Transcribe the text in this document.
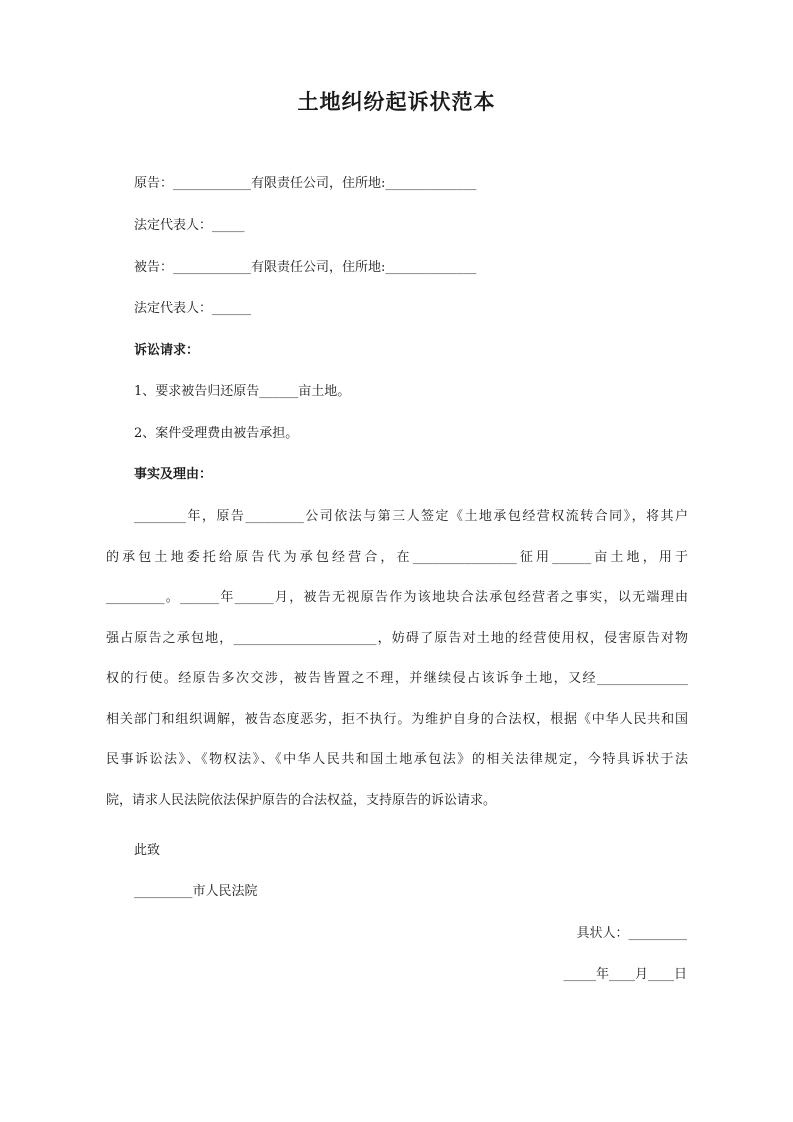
土地纠纷起诉状范本

原告：____________有限责任公司，住所地:______________

法定代表人：_____

被告：____________有限责任公司，住所地:______________

法定代表人：______

诉讼请求：

1、要求被告归还原告______亩土地。

2、案件受理费由被告承担。

事实及理由：

________年，原告_________公司依法与第三人签定《土地承包经营权流转合同》，将其户
的承包土地委托给原告代为承包经营合，在________________征用______亩土地，用于
_________。______年______月，被告无视原告作为该地块合法承包经营者之事实，以无端理由
强占原告之承包地，______________________，妨碍了原告对土地的经营使用权，侵害原告对物
权的行使。经原告多次交涉，被告皆置之不理，并继续侵占该诉争土地，又经______________
相关部门和组织调解，被告态度恶劣，拒不执行。为维护自身的合法权，根据《中华人民共和国
民事诉讼法》、《物权法》、《中华人民共和国土地承包法》的相关法律规定，今特具诉状于法
院，请求人民法院依法保护原告的合法权益，支持原告的诉讼请求。

此致

_________市人民法院

具状人：_________

_____年____月____日
